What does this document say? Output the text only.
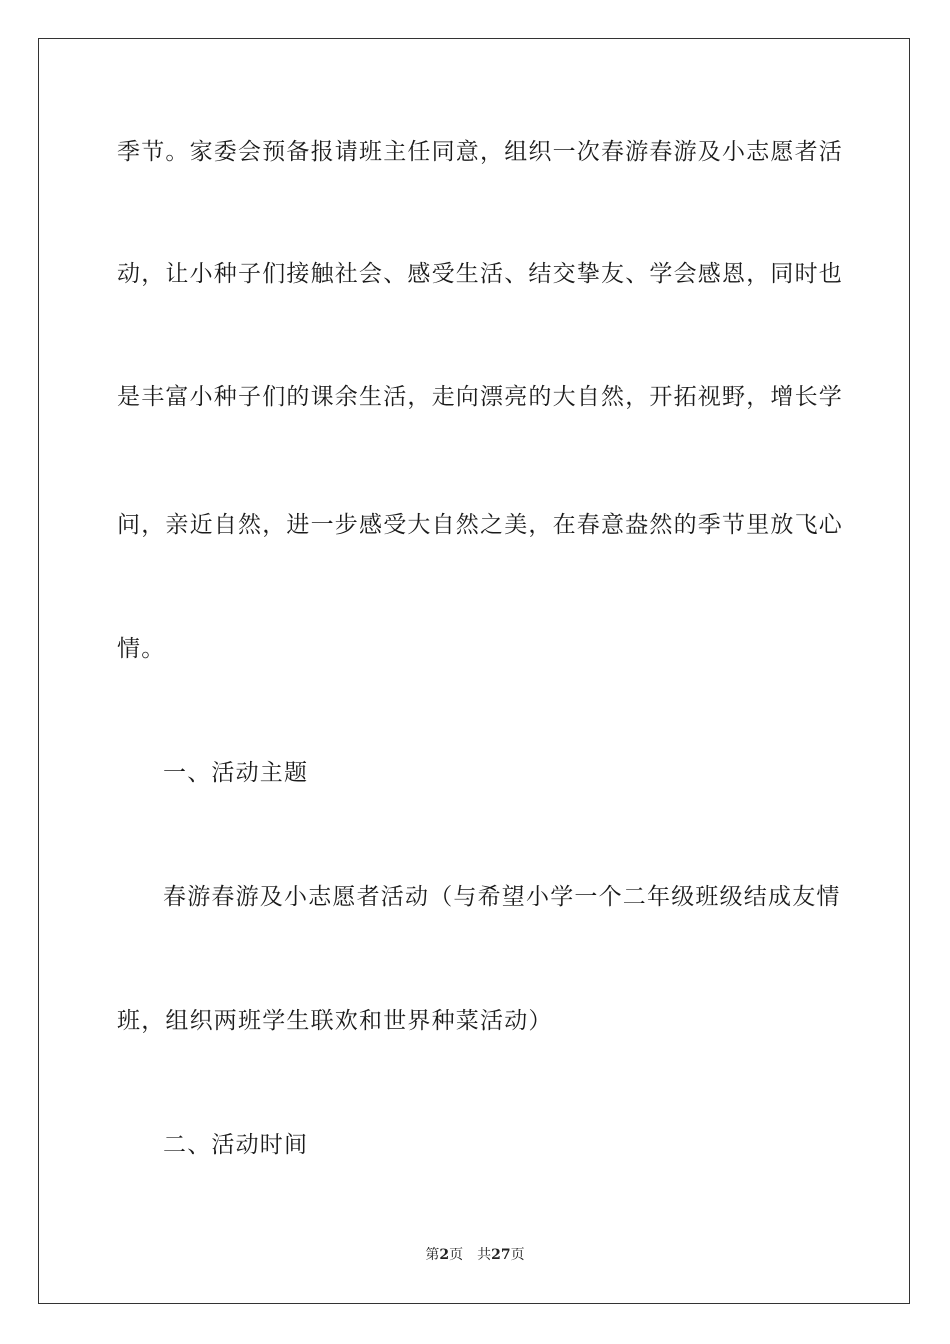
季节。家委会预备报请班主任同意，组织一次春游春游及小志愿者活
动，让小种子们接触社会、感受生活、结交挚友、学会感恩，同时也
是丰富小种子们的课余生活，走向漂亮的大自然，开拓视野，增长学
问，亲近自然，进一步感受大自然之美，在春意盎然的季节里放飞心
情。
一、活动主题
春游春游及小志愿者活动（与希望小学一个二年级班级结成友情
班，组织两班学生联欢和世界种菜活动）
二、活动时间
第2页 共27页
